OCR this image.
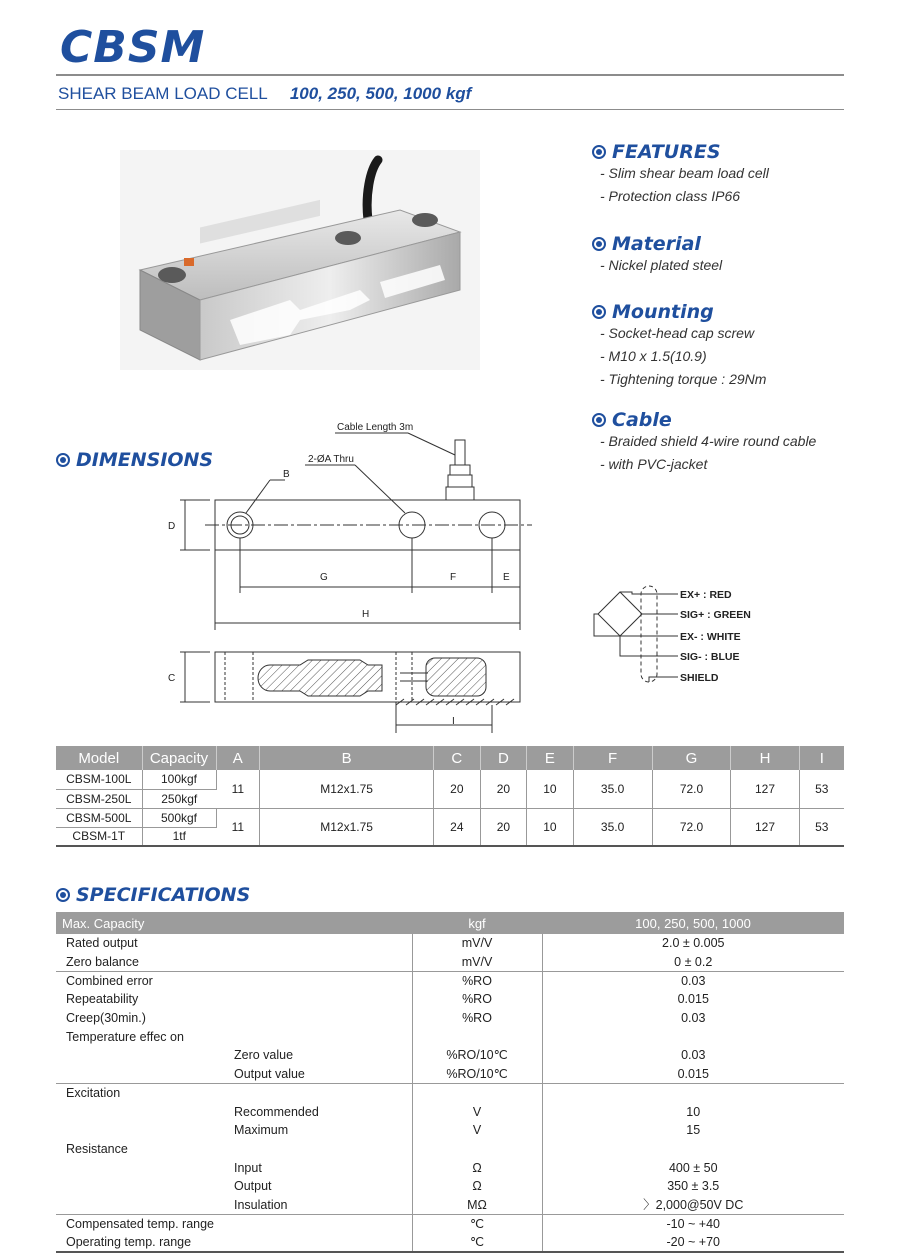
CBSM
SHEAR BEAM LOAD CELL 100, 250, 500, 1000 kgf
FEATURES
- Slim shear beam load cell
- Protection class IP66
Material
- Nickel plated steel
Mounting
- Socket-head cap screw
- M10 x 1.5(10.9)
- Tightening torque : 29Nm
Cable
- Braided shield 4-wire round cable
- with PVC-jacket
DIMENSIONS
Cable Length 3m
2-ØA Thru
B
D
G	F	E
H
C
I
EX+ : RED
SIG+ : GREEN
EX- : WHITE
SIG- : BLUE
SHIELD
Model	Capacity	A	B	C	D	E	F	G	H	I
CBSM-100L	100kgf	11	M12x1.75	20	20	10	35.0	72.0	127	53
CBSM-250L	250kgf									
CBSM-500L	500kgf	11	M12x1.75	24	20	10	35.0	72.0	127	53
CBSM-1T	1tf									
SPECIFICATIONS
Max. Capacity	kgf	100, 250, 500, 1000
Rated output	mV/V	2.0 ± 0.005
Zero balance	mV/V	0 ± 0.2
Combined error	%RO	0.03
Repeatability	%RO	0.015
Creep(30min.)	%RO	0.03
Temperature effec on		
Zero value	%RO/10℃	0.03
Output value	%RO/10℃	0.015
Excitation		
Recommended	V	10
Maximum	V	15
Resistance		
Input	Ω	400 ± 50
Output	Ω	350 ± 3.5
Insulation	MΩ	〉2,000@50V DC
Compensated temp. range	℃	-10 ~ +40
Operating temp. range	℃	-20 ~ +70
